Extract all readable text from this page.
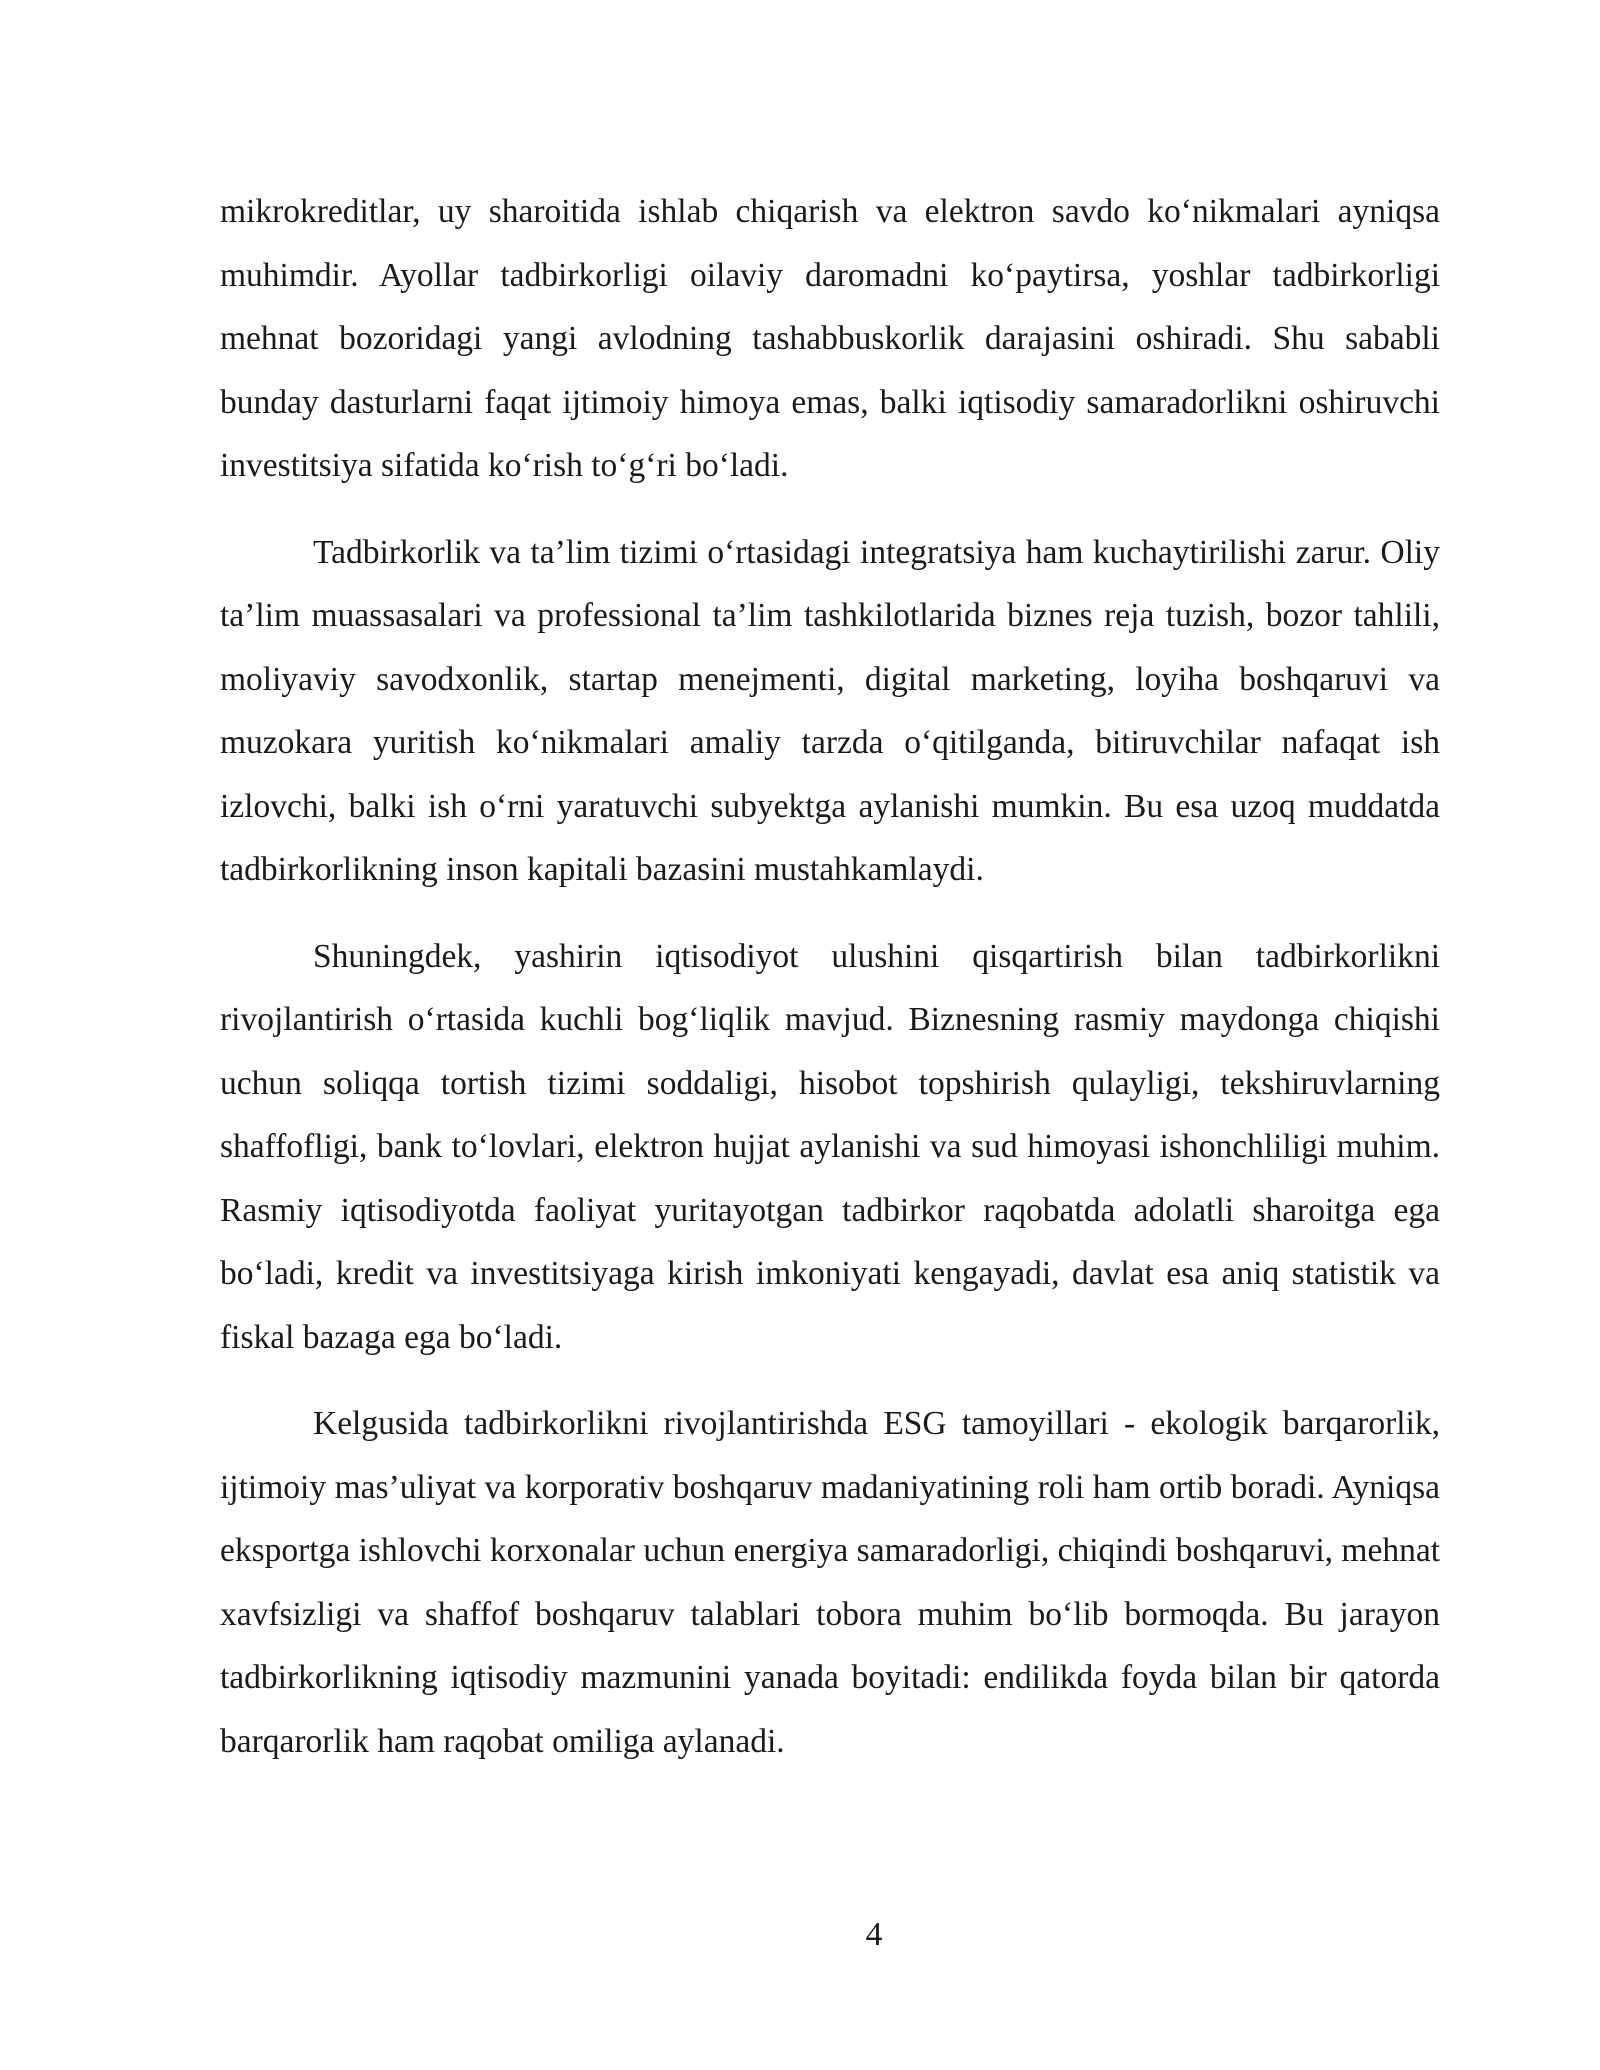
mikrokreditlar, uy sharoitida ishlab chiqarish va elektron savdo ko‘nikmalari ayniqsa muhimdir. Ayollar tadbirkorligi oilaviy daromadni ko‘paytirsa, yoshlar tadbirkorligi mehnat bozoridagi yangi avlodning tashabbuskorlik darajasini oshiradi. Shu sababli bunday dasturlarni faqat ijtimoiy himoya emas, balki iqtisodiy samaradorlikni oshiruvchi investitsiya sifatida ko‘rish to‘g‘ri bo‘ladi.

Tadbirkorlik va ta’lim tizimi o‘rtasidagi integratsiya ham kuchaytirilishi zarur. Oliy ta’lim muassasalari va professional ta’lim tashkilotlarida biznes reja tuzish, bozor tahlili, moliyaviy savodxonlik, startap menejmenti, digital marketing, loyiha boshqaruvi va muzokara yuritish ko‘nikmalari amaliy tarzda o‘qitilganda, bitiruvchilar nafaqat ish izlovchi, balki ish o‘rni yaratuvchi subyektga aylanishi mumkin. Bu esa uzoq muddatda tadbirkorlikning inson kapitali bazasini mustahkamlaydi.

Shuningdek, yashirin iqtisodiyot ulushini qisqartirish bilan tadbirkorlikni rivojlantirish o‘rtasida kuchli bog‘liqlik mavjud. Biznesning rasmiy maydonga chiqishi uchun soliqqa tortish tizimi soddaligi, hisobot topshirish qulayligi, tekshiruvlarning shaffofligi, bank to‘lovlari, elektron hujjat aylanishi va sud himoyasi ishonchliligi muhim. Rasmiy iqtisodiyotda faoliyat yuritayotgan tadbirkor raqobatda adolatli sharoitga ega bo‘ladi, kredit va investitsiyaga kirish imkoniyati kengayadi, davlat esa aniq statistik va fiskal bazaga ega bo‘ladi.

Kelgusida tadbirkorlikni rivojlantirishda ESG tamoyillari - ekologik barqarorlik, ijtimoiy mas’uliyat va korporativ boshqaruv madaniyatining roli ham ortib boradi. Ayniqsa eksportga ishlovchi korxonalar uchun energiya samaradorligi, chiqindi boshqaruvi, mehnat xavfsizligi va shaffof boshqaruv talablari tobora muhim bo‘lib bormoqda. Bu jarayon tadbirkorlikning iqtisodiy mazmunini yanada boyitadi: endilikda foyda bilan bir qatorda barqarorlik ham raqobat omiliga aylanadi.

4
